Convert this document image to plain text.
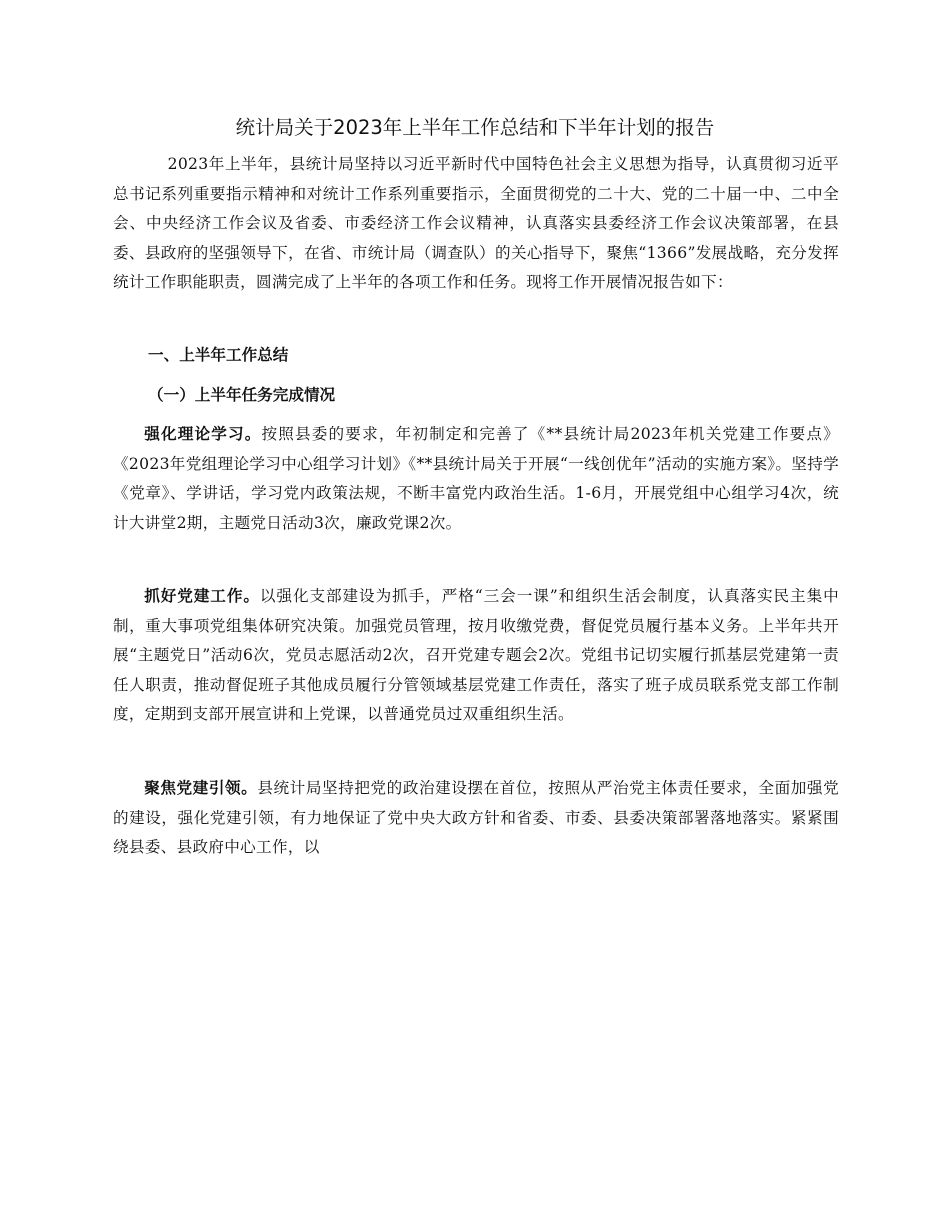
统计局关于2023年上半年工作总结和下半年计划的报告

2023年上半年，县统计局坚持以习近平新时代中国特色社会主义思想为指导，认真贯彻习近平总书记系列重要指示精神和对统计工作系列重要指示，全面贯彻党的二十大、党的二十届一中、二中全会、中央经济工作会议及省委、市委经济工作会议精神，认真落实县委经济工作会议决策部署，在县委、县政府的坚强领导下，在省、市统计局（调查队）的关心指导下，聚焦“1366”发展战略，充分发挥统计工作职能职责，圆满完成了上半年的各项工作和任务。现将工作开展情况报告如下：

一、上半年工作总结
（一）上半年任务完成情况

强化理论学习。按照县委的要求，年初制定和完善了《**县统计局2023年机关党建工作要点》《2023年党组理论学习中心组学习计划》《**县统计局关于开展“一线创优年”活动的实施方案》。坚持学《党章》、学讲话，学习党内政策法规，不断丰富党内政治生活。1-6月，开展党组中心组学习4次，统计大讲堂2期，主题党日活动3次，廉政党课2次。

抓好党建工作。以强化支部建设为抓手，严格“三会一课”和组织生活会制度，认真落实民主集中制，重大事项党组集体研究决策。加强党员管理，按月收缴党费，督促党员履行基本义务。上半年共开展“主题党日”活动6次，党员志愿活动2次，召开党建专题会2次。党组书记切实履行抓基层党建第一责任人职责，推动督促班子其他成员履行分管领域基层党建工作责任，落实了班子成员联系党支部工作制度，定期到支部开展宣讲和上党课，以普通党员过双重组织生活。

聚焦党建引领。县统计局坚持把党的政治建设摆在首位，按照从严治党主体责任要求，全面加强党的建设，强化党建引领，有力地保证了党中央大政方针和省委、市委、县委决策部署落地落实。紧紧围绕县委、县政府中心工作，以
